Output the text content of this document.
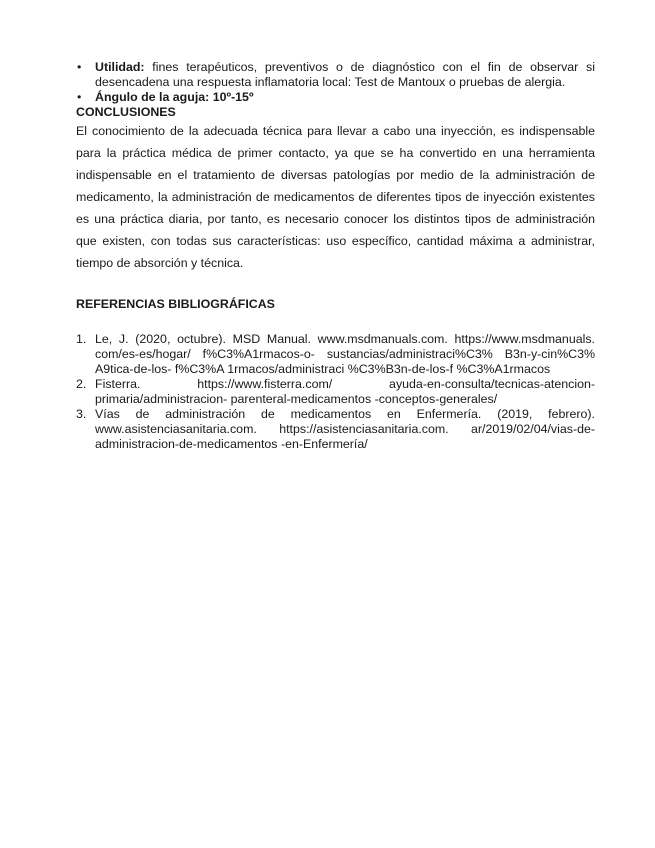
• Utilidad: fines terapéuticos, preventivos o de diagnóstico con el fin de observar si desencadena una respuesta inflamatoria local: Test de Mantoux o pruebas de alergia.
• Ángulo de la aguja: 10º-15º

CONCLUSIONES

El conocimiento de la adecuada técnica para llevar a cabo una inyección, es indispensable para la práctica médica de primer contacto, ya que se ha convertido en una herramienta indispensable en el tratamiento de diversas patologías por medio de la administración de medicamento, la administración de medicamentos de diferentes tipos de inyección existentes es una práctica diaria, por tanto, es necesario conocer los distintos tipos de administración que existen, con todas sus características: uso específico, cantidad máxima a administrar, tiempo de absorción y técnica.

REFERENCIAS BIBLIOGRÁFICAS

1. Le, J. (2020, octubre). MSD Manual. www.msdmanuals.com. https://www.msdmanuals. com/es-es/hogar/ f%C3%A1rmacos-o- sustancias/administraci%C3% B3n-y-cin%C3% A9tica-de-los- f%C3%A 1rmacos/administraci %C3%B3n-de-los-f %C3%A1rmacos
2. Fisterra. https://www.fisterra.com/ ayuda-en-consulta/tecnicas-atencion-
primaria/administracion- parenteral-medicamentos -conceptos-generales/
3. Vías de administración de medicamentos en Enfermería. (2019, febrero). www.asistenciasanitaria.com. https://asistenciasanitaria.com. ar/2019/02/04/vias-de-administracion-de-medicamentos -en-Enfermería/
